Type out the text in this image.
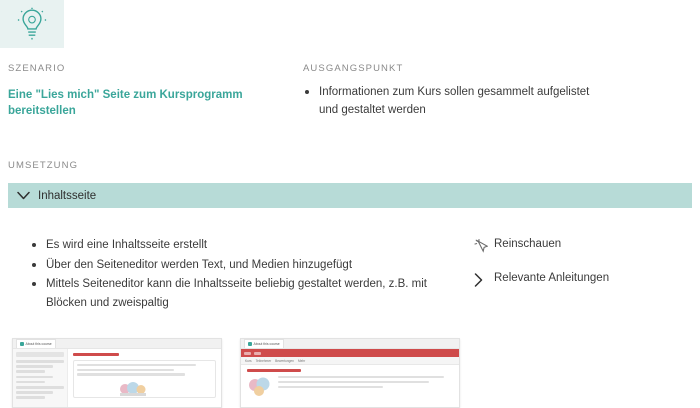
SZENARIO
Eine "Lies mich" Seite zum Kursprogramm bereitstellen
AUSGANGSPUNKT
Informationen zum Kurs sollen gesammelt aufgelistet und gestaltet werden
UMSETZUNG
Inhaltsseite
Es wird eine Inhaltsseite erstellt
Über den Seiteneditor werden Text, und Medien hinzugefügt
Mittels Seiteneditor kann die Inhaltsseite beliebig gestaltet werden, z.B. mit Blöcken und zweispaltig
Reinschauen
Relevante Anleitungen
About this course	About this course
Kurs Teilnehmer Bewertungen Mehr
